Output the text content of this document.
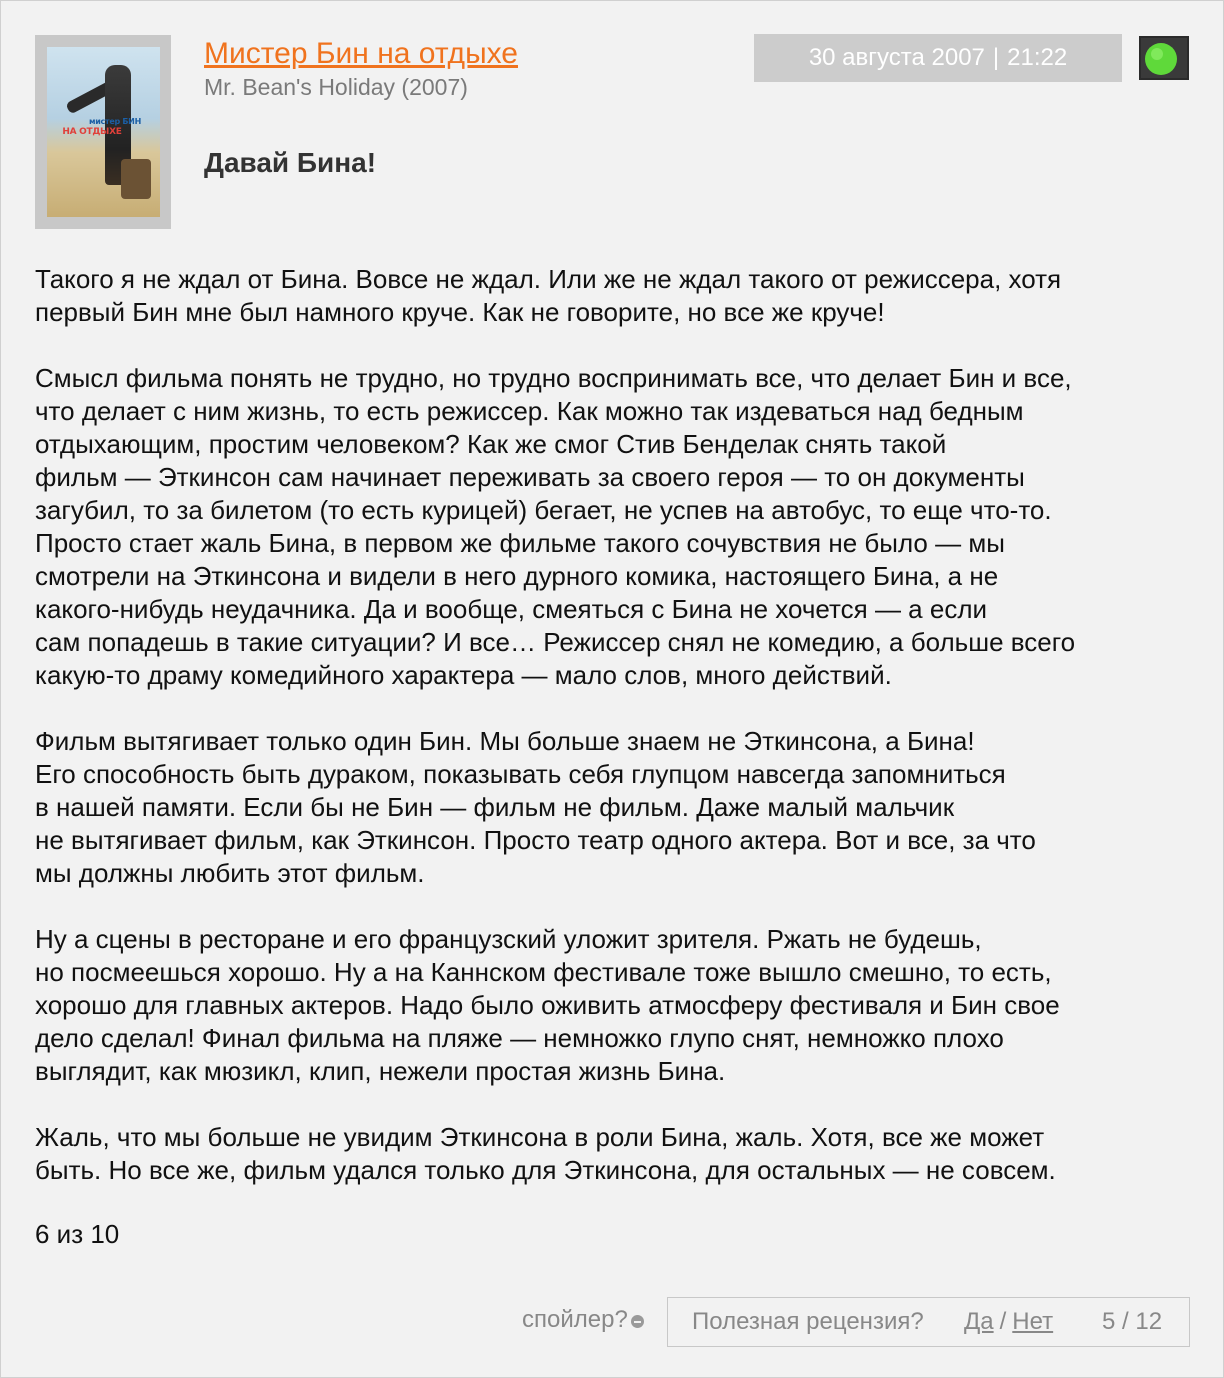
мистер БИН
НА ОТДЫХЕ
Мистер Бин на отдыхе
Mr. Bean's Holiday (2007)
30 августа 2007 | 21:22
Давай Бина!

Такого я не ждал от Бина. Вовсе не ждал. Или же не ждал такого от режиссера, хотя
первый Бин мне был намного круче. Как не говорите, но все же круче!

Смысл фильма понять не трудно, но трудно воспринимать все, что делает Бин и все,
что делает с ним жизнь, то есть режиссер. Как можно так издеваться над бедным
отдыхающим, простим человеком? Как же смог Стив Бенделак снять такой
фильм — Эткинсон сам начинает переживать за своего героя — то он документы
загубил, то за билетом (то есть курицей) бегает, не успев на автобус, то еще что-то.
Просто стает жаль Бина, в первом же фильме такого сочувствия не было — мы
смотрели на Эткинсона и видели в него дурного комика, настоящего Бина, а не
какого-нибудь неудачника. Да и вообще, смеяться с Бина не хочется — а если
сам попадешь в такие ситуации? И все… Режиссер снял не комедию, а больше всего
какую-то драму комедийного характера — мало слов, много действий.

Фильм вытягивает только один Бин. Мы больше знаем не Эткинсона, а Бина!
Его способность быть дураком, показывать себя глупцом навсегда запомниться
в нашей памяти. Если бы не Бин — фильм не фильм. Даже малый мальчик
не вытягивает фильм, как Эткинсон. Просто театр одного актера. Вот и все, за что
мы должны любить этот фильм.

Ну а сцены в ресторане и его французский уложит зрителя. Ржать не будешь,
но посмеешься хорошо. Ну а на Каннском фестивале тоже вышло смешно, то есть,
хорошо для главных актеров. Надо было оживить атмосферу фестиваля и Бин свое
дело сделал! Финал фильма на пляже — немножко глупо снят, немножко плохо
выглядит, как мюзикл, клип, нежели простая жизнь Бина.

Жаль, что мы больше не увидим Эткинсона в роли Бина, жаль. Хотя, все же может
быть. Но все же, фильм удался только для Эткинсона, для остальных — не совсем.

6 из 10
спойлер?	Полезная рецензия? Да / Нет 5 / 12
